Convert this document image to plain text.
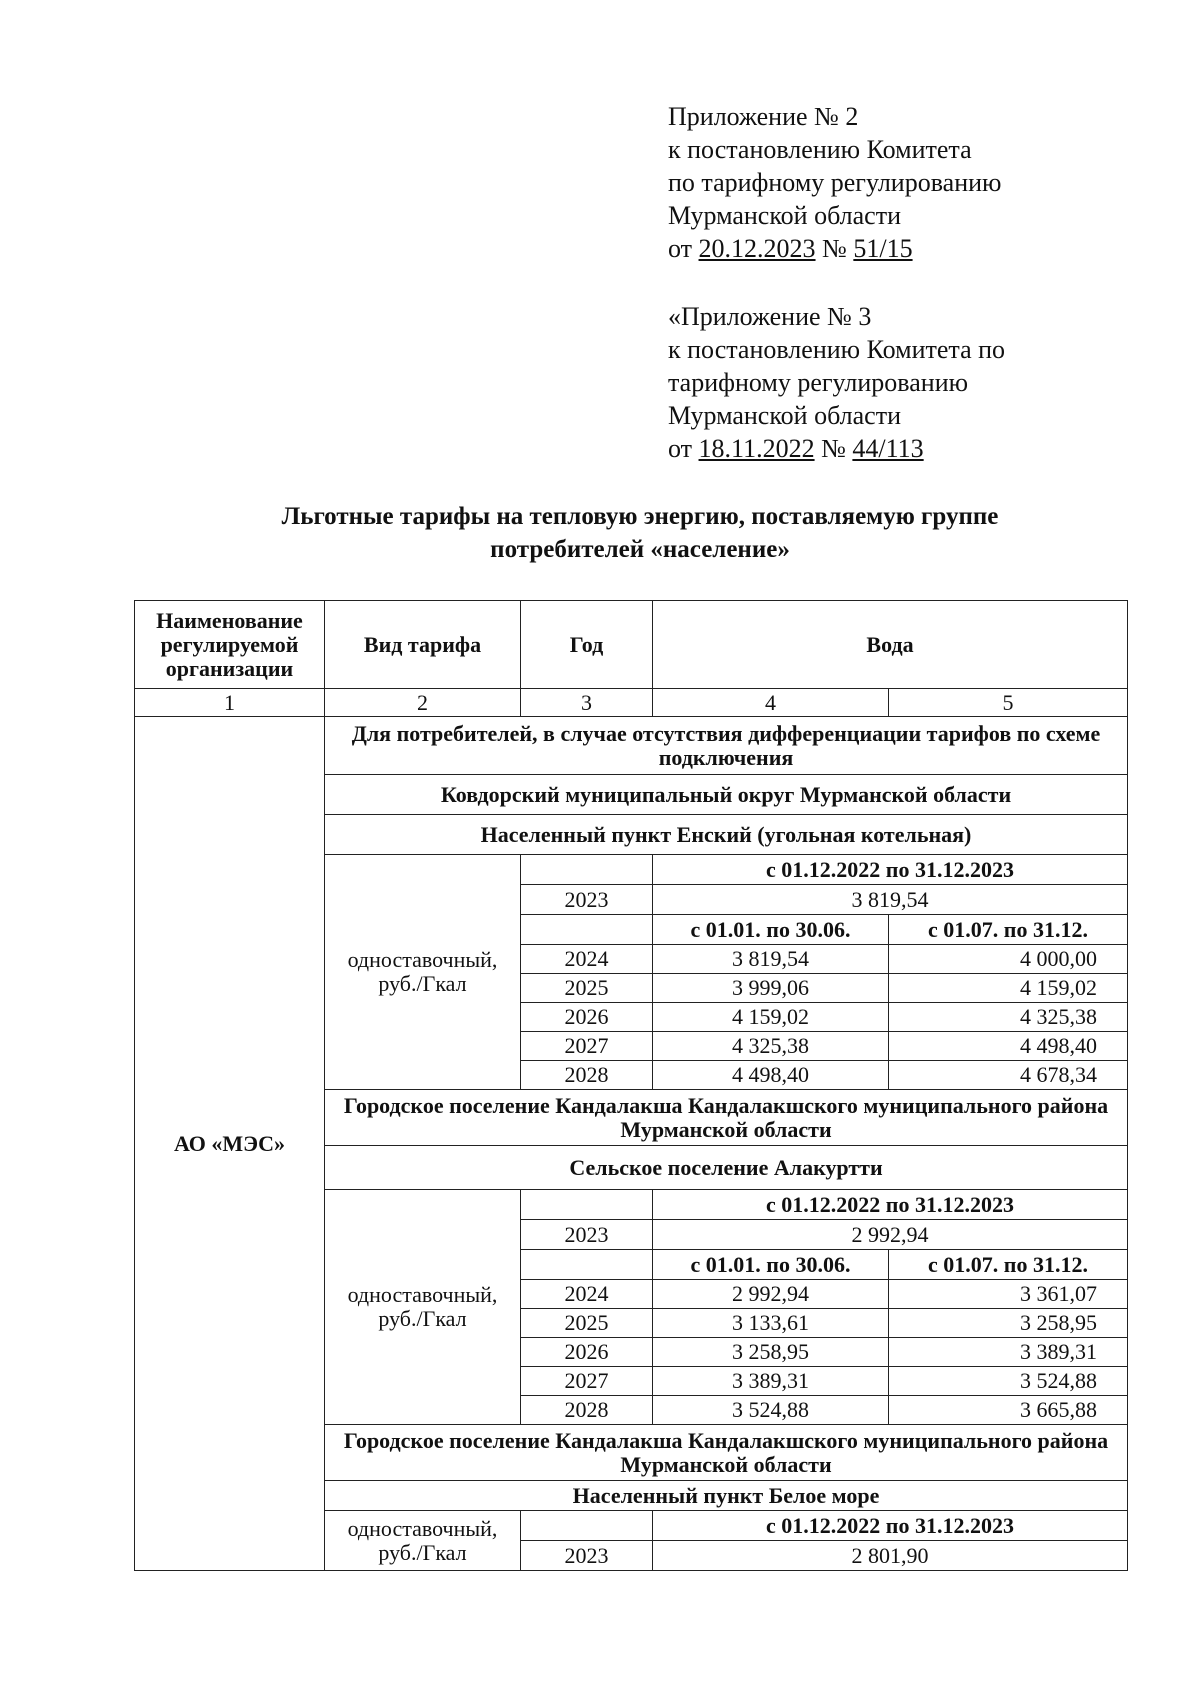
Приложение № 2
к постановлению Комитета
по тарифному регулированию
Мурманской области
от 20.12.2023 № 51/15
«Приложение № 3
к постановлению Комитета по
тарифному регулированию
Мурманской области
от 18.11.2022 № 44/113
Льготные тарифы на тепловую энергию, поставляемую группе
потребителей «население»
Наименование регулируемой организации	Вид тарифа	Год	Вода	
1	2	3	4	5
АО «МЭС»	Для потребителей, в случае отсутствия дифференциации тарифов по схеме подключения			
	Ковдорский муниципальный округ Мурманской области			
	Населенный пункт Енский (угольная котельная)			
	одноставочный, руб./Гкал		с 01.12.2022 по 31.12.2023	
		2023	3 819,54	
			с 01.01. по 30.06.	с 01.07. по 31.12.
		2024	3 819,54	4 000,00
		2025	3 999,06	4 159,02
		2026	4 159,02	4 325,38
		2027	4 325,38	4 498,40
		2028	4 498,40	4 678,34
	Городское поселение Кандалакша Кандалакшского муниципального района Мурманской области			
	Сельское поселение Алакуртти			
	одноставочный, руб./Гкал		с 01.12.2022 по 31.12.2023	
		2023	2 992,94	
			с 01.01. по 30.06.	с 01.07. по 31.12.
		2024	2 992,94	3 361,07
		2025	3 133,61	3 258,95
		2026	3 258,95	3 389,31
		2027	3 389,31	3 524,88
		2028	3 524,88	3 665,88
	Городское поселение Кандалакша Кандалакшского муниципального района Мурманской области			
	Населенный пункт Белое море			
	одноставочный, руб./Гкал		с 01.12.2022 по 31.12.2023	
		2023	2 801,90	
